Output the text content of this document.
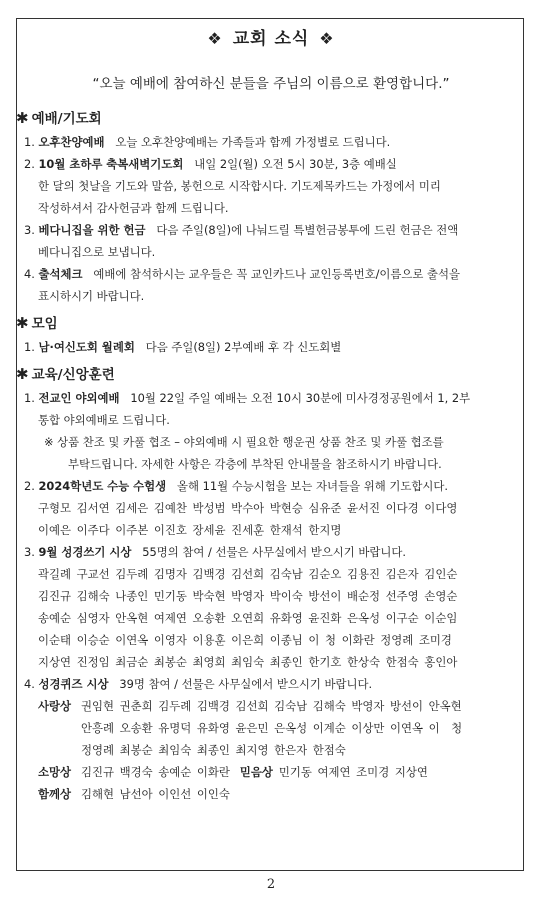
❖ 교회 소식 ❖
“오늘 예배에 참여하신 분들을 주님의 이름으로 환영합니다.”
✱ 예배/기도회
1. 오후찬양예배 오늘 오후찬양예배는 가족들과 함께 가정별로 드립니다.
2. 10월 초하루 축복새벽기도회 내일 2일(월) 오전 5시 30분, 3층 예배실
한 달의 첫날을 기도와 말씀, 봉헌으로 시작합시다. 기도제목카드는 가정에서 미리
작성하셔서 감사헌금과 함께 드립니다.
3. 베다니집을 위한 헌금 다음 주일(8일)에 나눠드릴 특별헌금봉투에 드린 헌금은 전액
베다니집으로 보냅니다.
4. 출석체크 예배에 참석하시는 교우들은 꼭 교인카드나 교인등록번호/이름으로 출석을
표시하시기 바랍니다.
✱ 모임
1. 남·여신도회 월례회 다음 주일(8일) 2부예배 후 각 신도회별
✱ 교육/신앙훈련
1. 전교인 야외예배 10월 22일 주일 예배는 오전 10시 30분에 미사경정공원에서 1, 2부
통합 야외예배로 드립니다.
※ 상품 찬조 및 카풀 협조 – 야외예배 시 필요한 행운권 상품 찬조 및 카풀 협조를
부탁드립니다. 자세한 사항은 각층에 부착된 안내물을 참조하시기 바랍니다.
2. 2024학년도 수능 수험생 올해 11월 수능시험을 보는 자녀들을 위해 기도합시다.
구형모 김서연 김세은 김예찬 박성범 박수아 박현승 심유준 윤서진 이다경 이다영
이예은 이주다 이주본 이진호 장세윤 진세훈 한재석 한지명
3. 9월 성경쓰기 시상 55명의 참여 / 선물은 사무실에서 받으시기 바랍니다.
곽길례 구교선 김두례 김명자 김백경 김선희 김숙남 김순오 김용진 김은자 김인순
김진규 김해숙 나종인 민기동 박숙현 박영자 박이숙 방선이 배순정 선주영 손영순
송예순 심영자 안옥현 여제연 오송환 오연희 유화영 윤진화 은옥성 이구순 이순임
이순태 이승순 이연옥 이영자 이용훈 이은희 이종님 이 청 이화란 정영례 조미경
지상연 진정임 최금순 최봉순 최영희 최임숙 최종인 한기호 한상숙 한점숙 홍인아
4. 성경퀴즈 시상 39명 참여 / 선물은 사무실에서 받으시기 바랍니다.
사랑상 권임현 권춘희 김두례 김백경 김선희 김숙남 김해숙 박영자 방선이 안옥현
안흥례 오송환 유명덕 유화영 윤은민 은옥성 이계순 이상만 이연옥 이　청
정영례 최봉순 최임숙 최종인 최지영 한은자 한점숙
소망상 김진규 백경숙 송예순 이화란 믿음상 민기동 여제연 조미경 지상연
함께상 김해현 남선아 이인선 이인숙
2
